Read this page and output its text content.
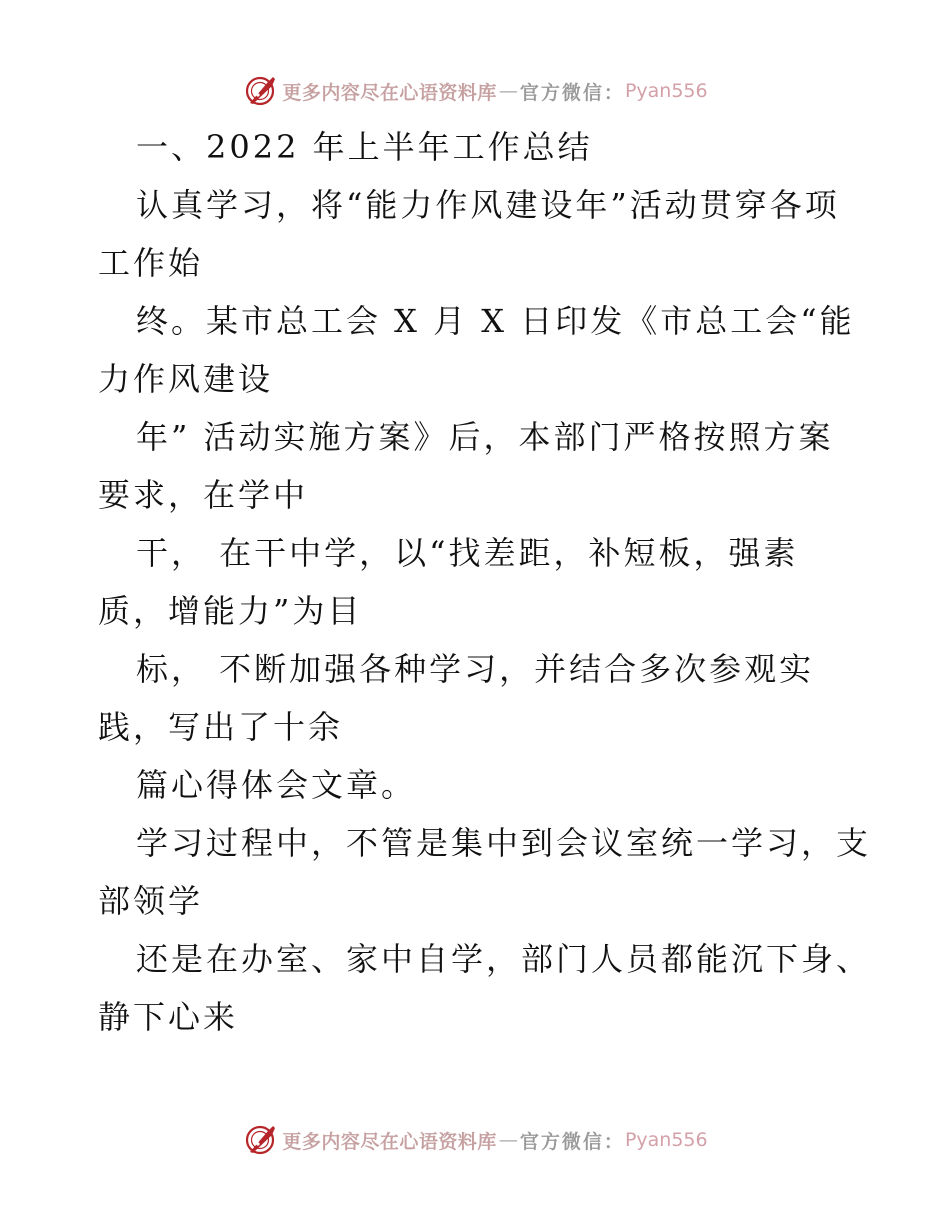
更多内容尽在心语资料库 — 官方微信： Pyan556
一、2022 年上半年工作总结
认真学习，将“能力作风建设年”活动贯穿各项
工作始
终。某市总工会 X 月 X 日印发《市总工会“能
力作风建设
年” 活动实施方案》后，本部门严格按照方案
要求，在学中
干， 在干中学，以“找差距，补短板，强素
质，增能力”为目
标， 不断加强各种学习，并结合多次参观实
践，写出了十余
篇心得体会文章。
学习过程中，不管是集中到会议室统一学习，支
部领学
还是在办室、家中自学，部门人员都能沉下身、
静下心来
更多内容尽在心语资料库 — 官方微信： Pyan556
